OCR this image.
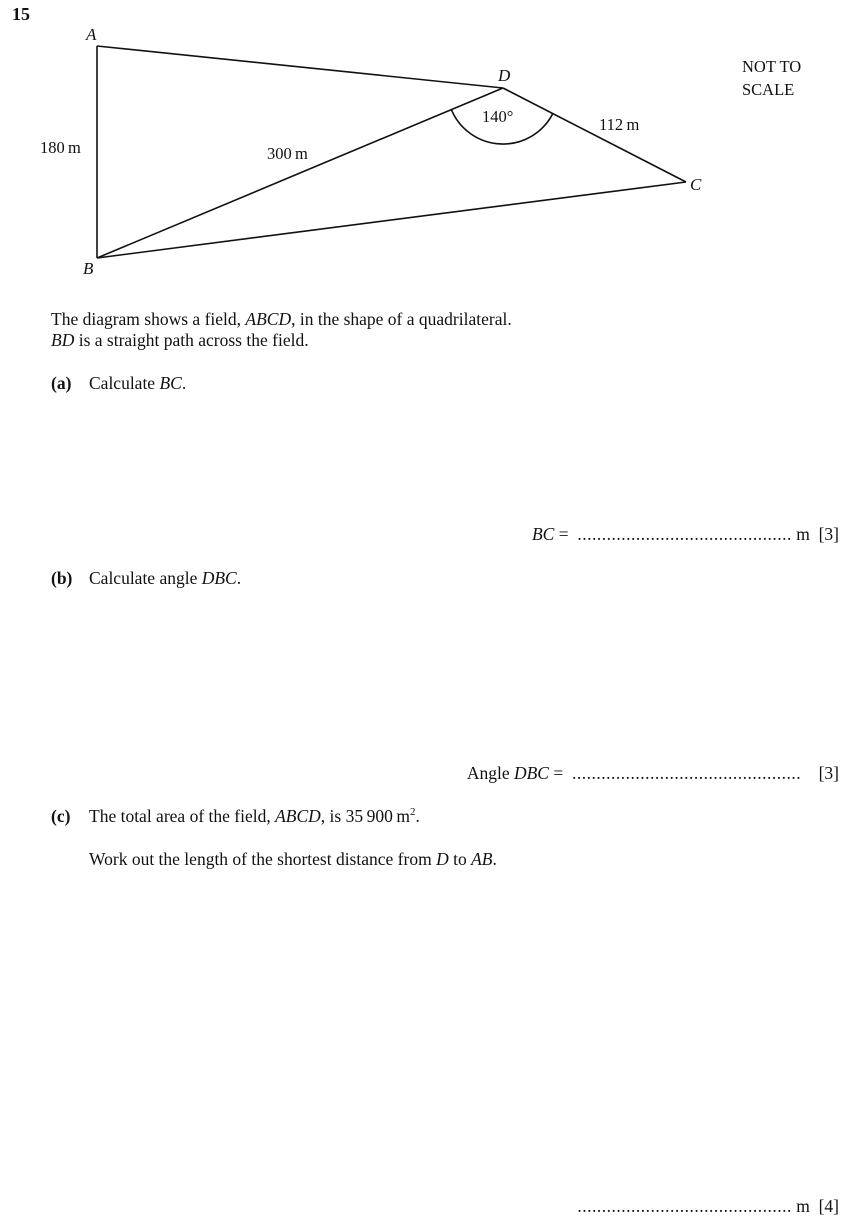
15
A
B
C
D
180 m	300 m
112 m
140°
NOT TO
SCALE
The diagram shows a field, ABCD, in the shape of a quadrilateral.
BD is a straight path across the field.
(a) Calculate BC.
BC =  ............................................ m [3]
(b) Calculate angle DBC.
Angle DBC =  ............................................... [3]
(c) The total area of the field, ABCD, is 35 900 $m^2$.
Work out the length of the shortest distance from D to AB.
............................................ m [4]
